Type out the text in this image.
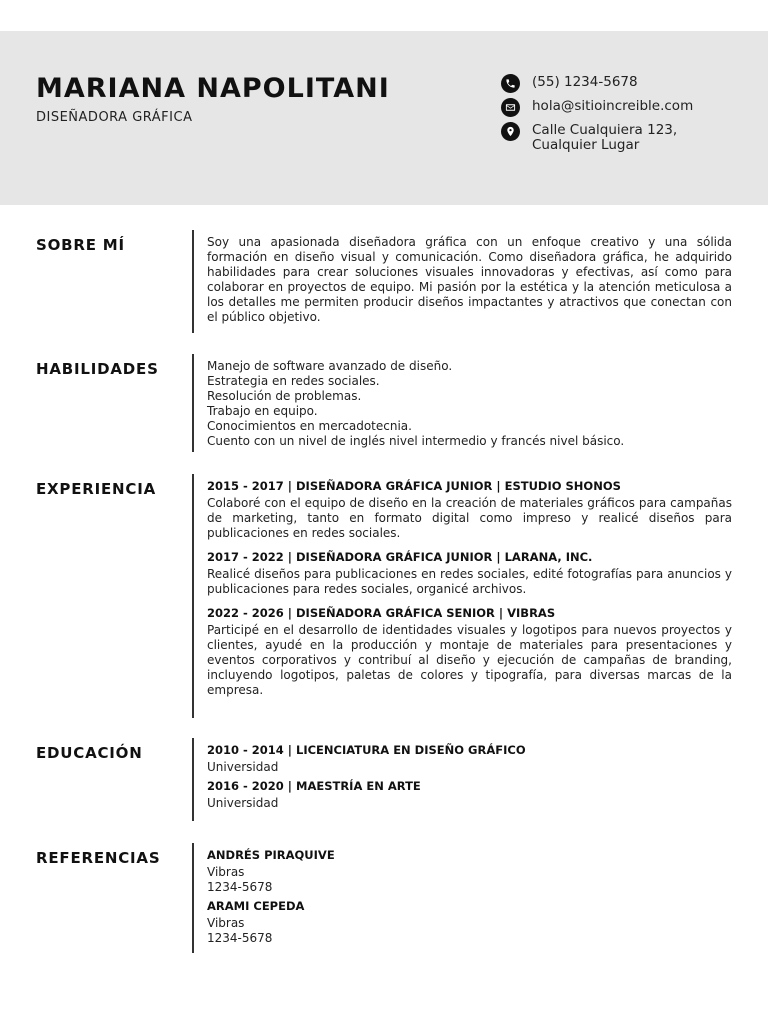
MARIANA NAPOLITANI
DISEÑADORA GRÁFICA
(55) 1234-5678
hola@sitioincreible.com
Calle Cualquiera 123,
Cualquier Lugar
SOBRE MÍ	Soy una apasionada diseñadora gráfica con un enfoque creativo y una sólida formación en diseño visual y comunicación. Como diseñadora gráfica, he adquirido habilidades para crear soluciones visuales innovadoras y efectivas, así como para colaborar en proyectos de equipo. Mi pasión por la estética y la atención meticulosa a los detalles me permiten producir diseños impactantes y atractivos que conectan con el público objetivo.
HABILIDADES	Manejo de software avanzado de diseño.
Estrategia en redes sociales.
Resolución de problemas.
Trabajo en equipo.
Conocimientos en mercadotecnia.
Cuento con un nivel de inglés nivel intermedio y francés nivel básico.
EXPERIENCIA	2015 - 2017 | DISEÑADORA GRÁFICA JUNIOR | ESTUDIO SHONOS
Colaboré con el equipo de diseño en la creación de materiales gráficos para campañas de marketing, tanto en formato digital como impreso y realicé diseños para publicaciones en redes sociales.
2017 - 2022 | DISEÑADORA GRÁFICA JUNIOR | LARANA, INC.
Realicé diseños para publicaciones en redes sociales, edité fotografías para anuncios y publicaciones para redes sociales, organicé archivos.
2022 - 2026 | DISEÑADORA GRÁFICA SENIOR | VIBRAS
Participé en el desarrollo de identidades visuales y logotipos para nuevos proyectos y clientes, ayudé en la producción y montaje de materiales para presentaciones y eventos corporativos y contribuí al diseño y ejecución de campañas de branding, incluyendo logotipos, paletas de colores y tipografía, para diversas marcas de la empresa.
EDUCACIÓN	2010 - 2014 | LICENCIATURA EN DISEÑO GRÁFICO
Universidad
2016 - 2020 | MAESTRÍA EN ARTE
Universidad
REFERENCIAS	ANDRÉS PIRAQUIVE
Vibras
1234-5678
ARAMI CEPEDA
Vibras
1234-5678
